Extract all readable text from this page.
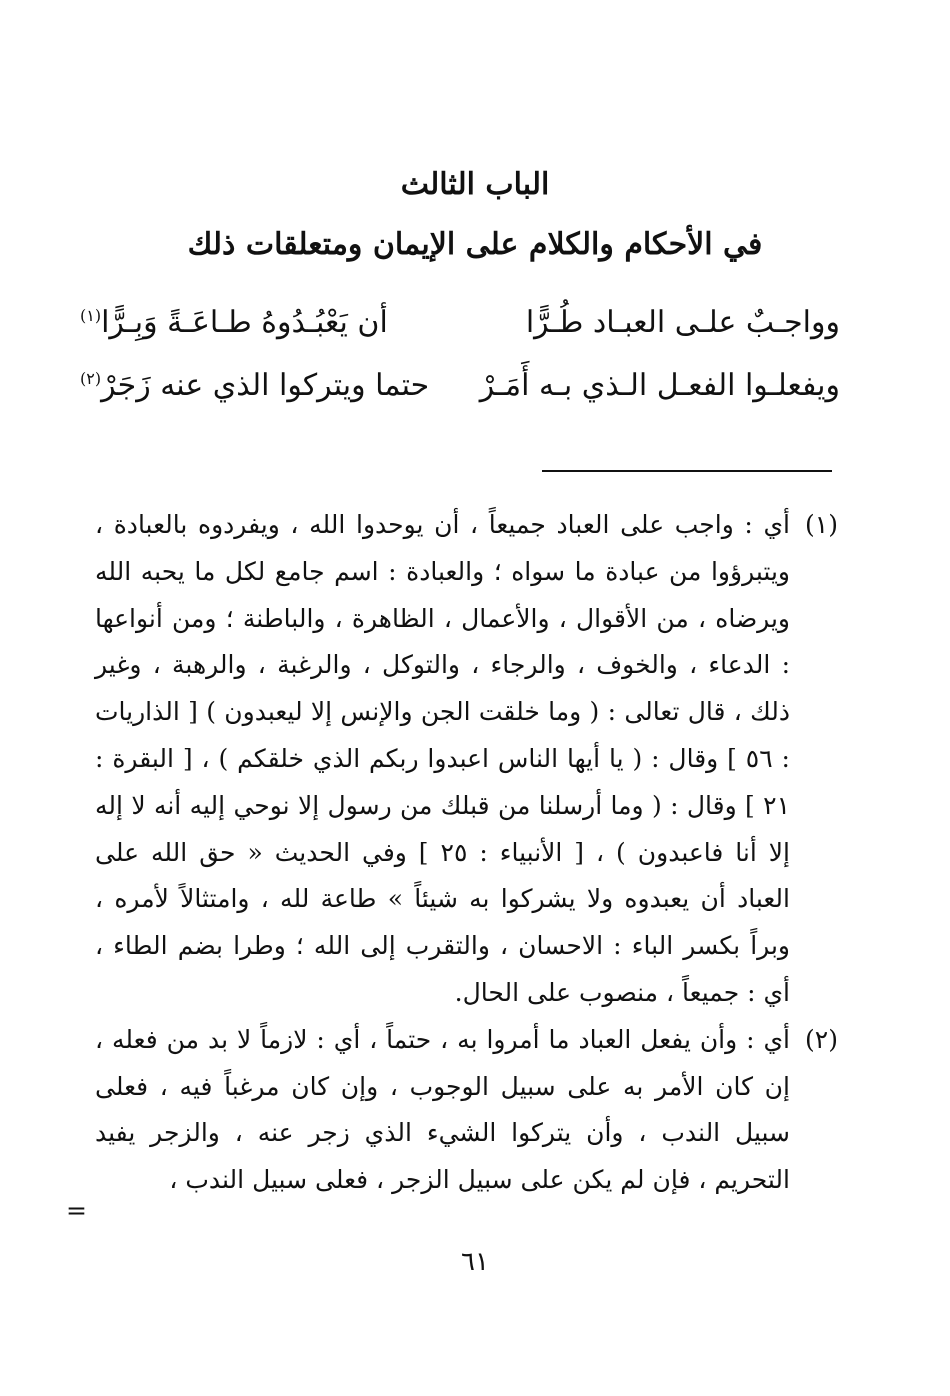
الباب الثالث
في الأحكام والكلام على الإيمان ومتعلقات ذلك
وواجـبٌ علـى العبـاد طُـرًّا
أن يَعْبُـدُوهُ طـاعَـةً وَبِـرًّا$^{(١)}$
ويفعلـوا الفعـل الـذي بـه أَمَـرْ
حتما ويتركوا الذي عنه زَجَرْ$^{(٢)}$

(١)أي : واجب على العباد جميعاً ، أن يوحدوا الله ، ويفردوه بالعبادة ، ويتبرؤوا من عبادة ما سواه ؛ والعبادة : اسم جامع لكل ما يحبه الله ويرضاه ، من الأقوال ، والأعمال ، الظاهرة ، والباطنة ؛ ومن أنواعها : الدعاء ، والخوف ، والرجاء ، والتوكل ، والرغبة ، والرهبة ، وغير ذلك ، قال تعالى : ( وما خلقت الجن والإنس إلا ليعبدون ) [ الذاريات : ٥٦ ] وقال : ( يا أيها الناس اعبدوا ربكم الذي خلقكم ) ، [ البقرة : ٢١ ] وقال : ( وما أرسلنا من قبلك من رسول إلا نوحي إليه أنه لا إله إلا أنا فاعبدون ) ، [ الأنبياء : ٢٥ ] وفي الحديث « حق الله على العباد أن يعبدوه ولا يشركوا به شيئاً » طاعة لله ، وامتثالاً لأمره ، وبراً بكسر الباء : الاحسان ، والتقرب إلى الله ؛ وطرا بضم الطاء ، أي : جميعاً ، منصوب على الحال.

(٢)أي : وأن يفعل العباد ما أمروا به ، حتماً ، أي : لازماً لا بد من فعله ، إن كان الأمر به على سبيل الوجوب ، وإن كان مرغباً فيه ، فعلى سبيل الندب ، وأن يتركوا الشيء الذي زجر عنه ، والزجر يفيد التحريم ، فإن لم يكن على سبيل الزجر ، فعلى سبيل الندب ،

=
٦١
